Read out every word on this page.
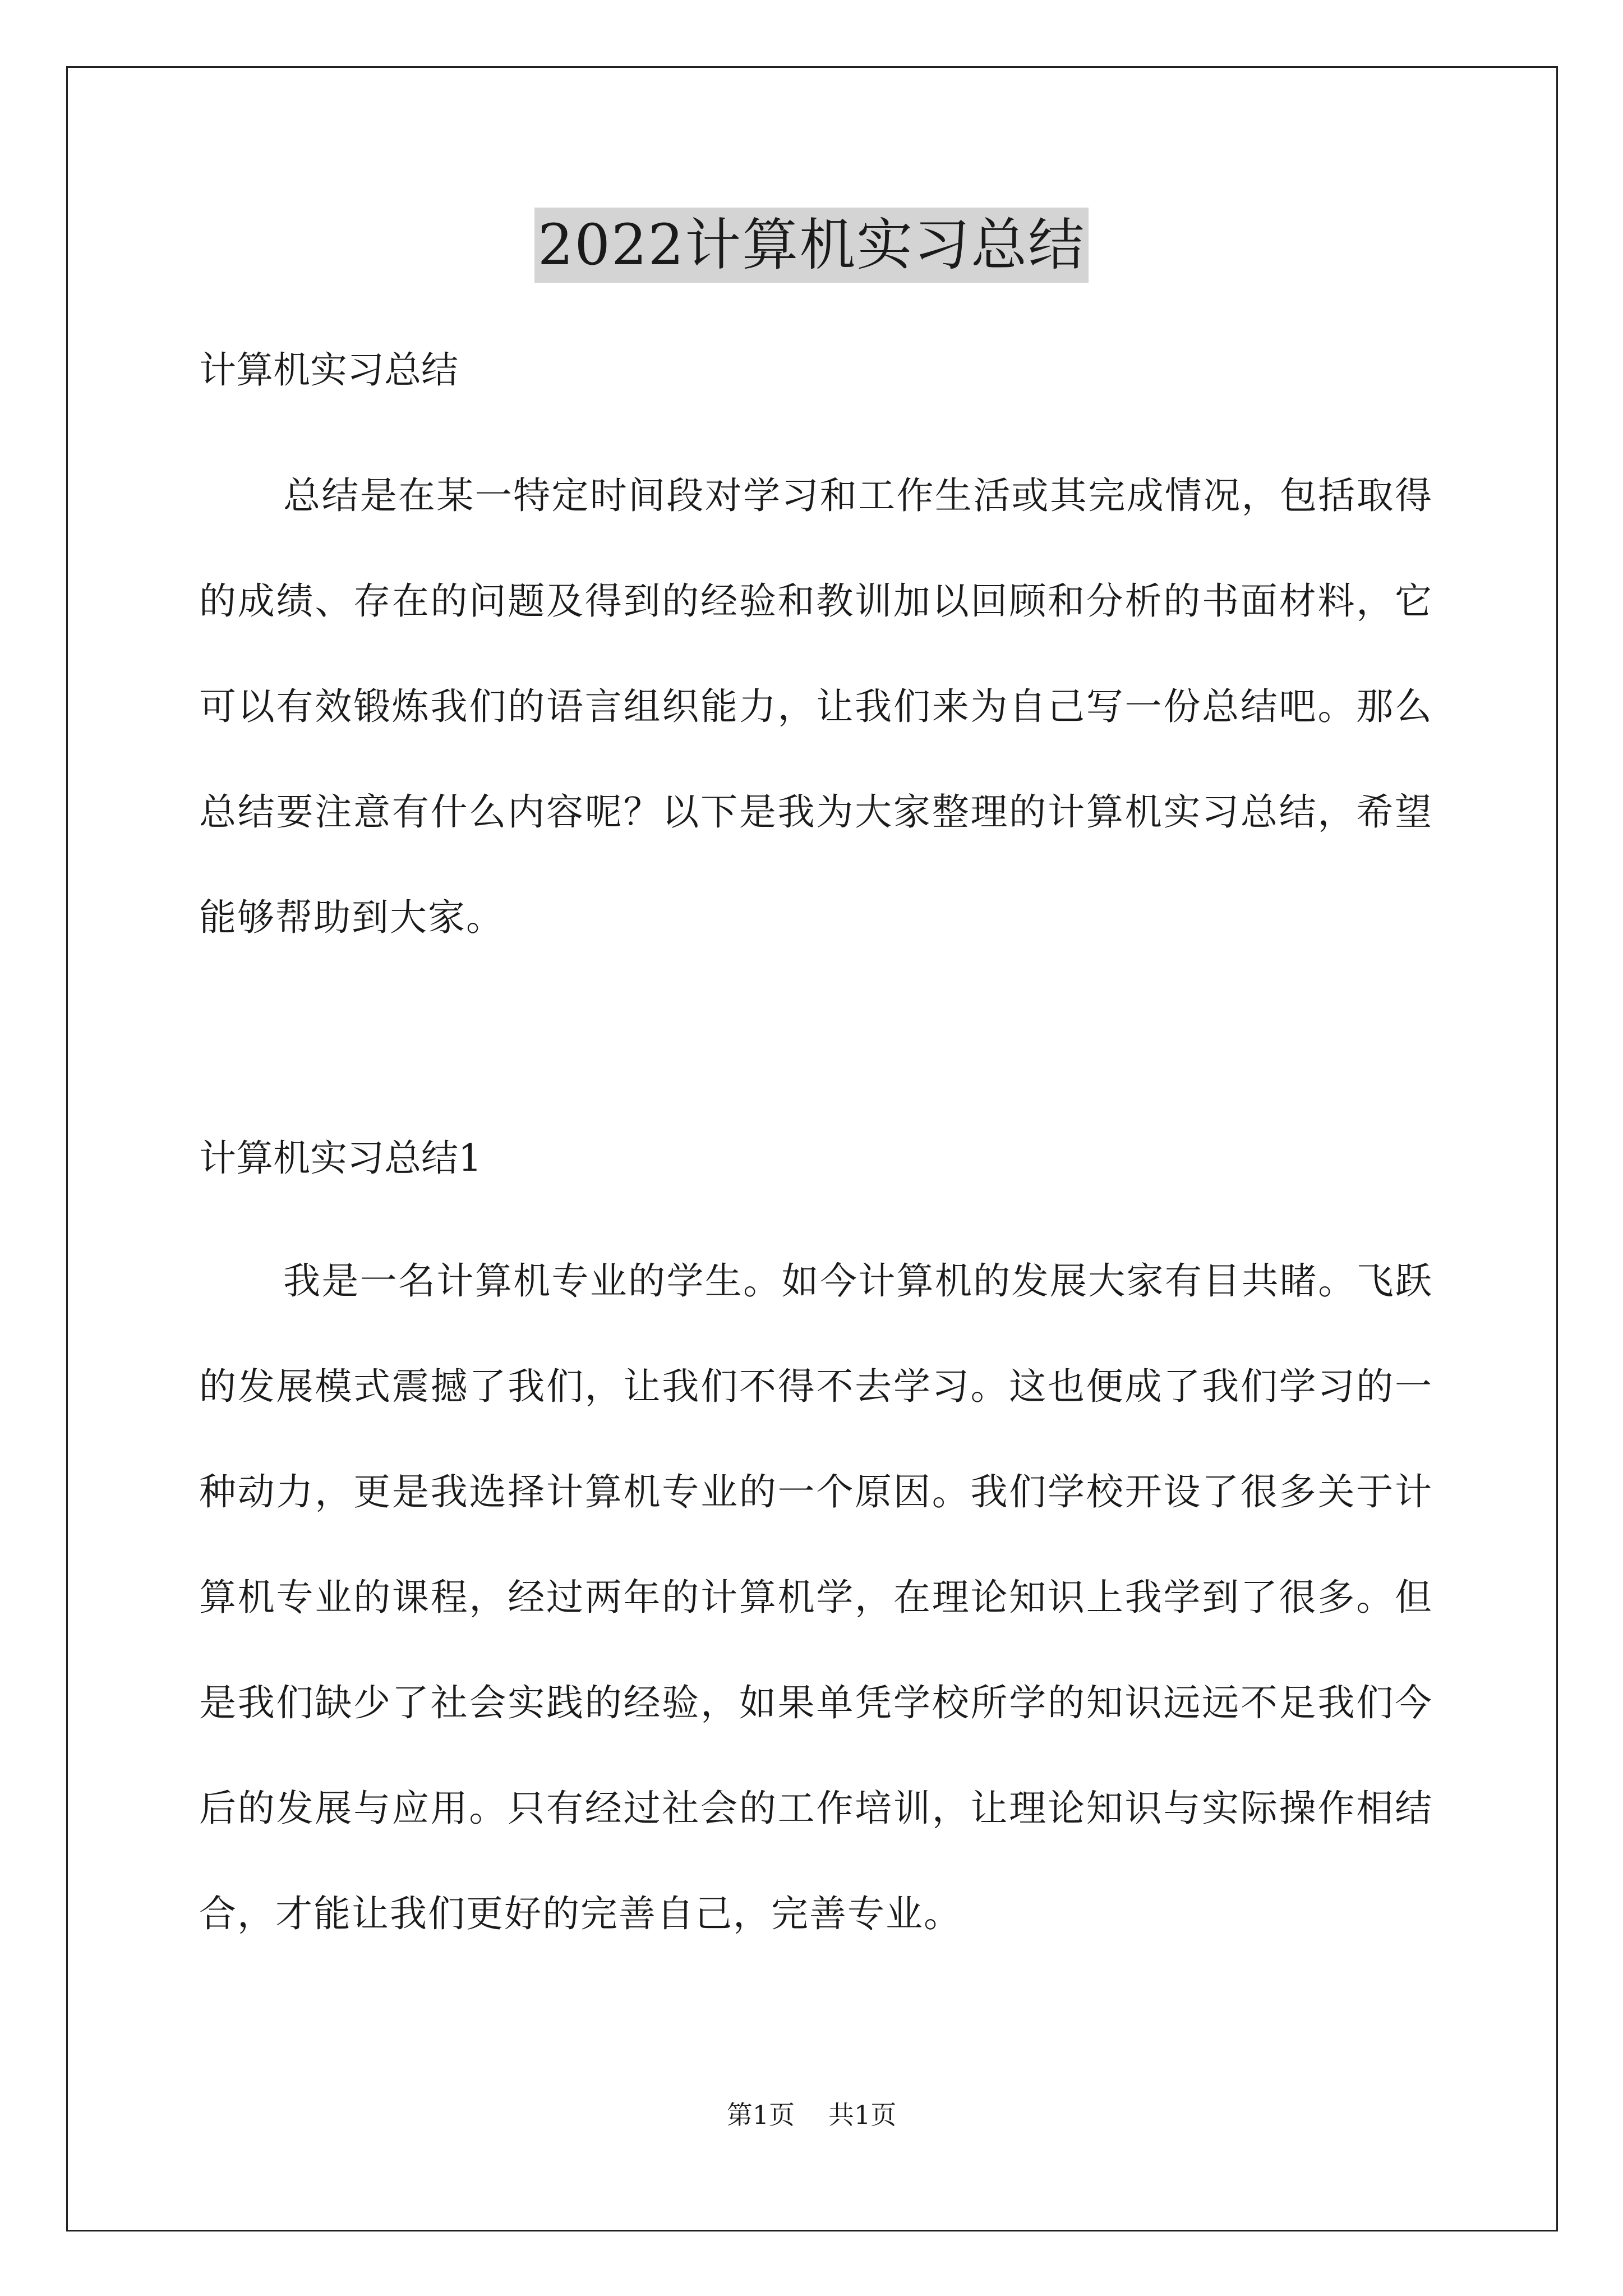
2022计算机实习总结

计算机实习总结

总结是在某一特定时间段对学习和工作生活或其完成情况，包括取得的成绩、存在的问题及得到的经验和教训加以回顾和分析的书面材料，它可以有效锻炼我们的语言组织能力，让我们来为自己写一份总结吧。那么总结要注意有什么内容呢？以下是我为大家整理的计算机实习总结，希望能够帮助到大家。

计算机实习总结1

我是一名计算机专业的学生。如今计算机的发展大家有目共睹。飞跃的发展模式震撼了我们，让我们不得不去学习。这也便成了我们学习的一种动力，更是我选择计算机专业的一个原因。我们学校开设了很多关于计算机专业的课程，经过两年的计算机学，在理论知识上我学到了很多。但是我们缺少了社会实践的经验，如果单凭学校所学的知识远远不足我们今后的发展与应用。只有经过社会的工作培训，让理论知识与实际操作相结合，才能让我们更好的完善自己，完善专业。

第1页 共1页
